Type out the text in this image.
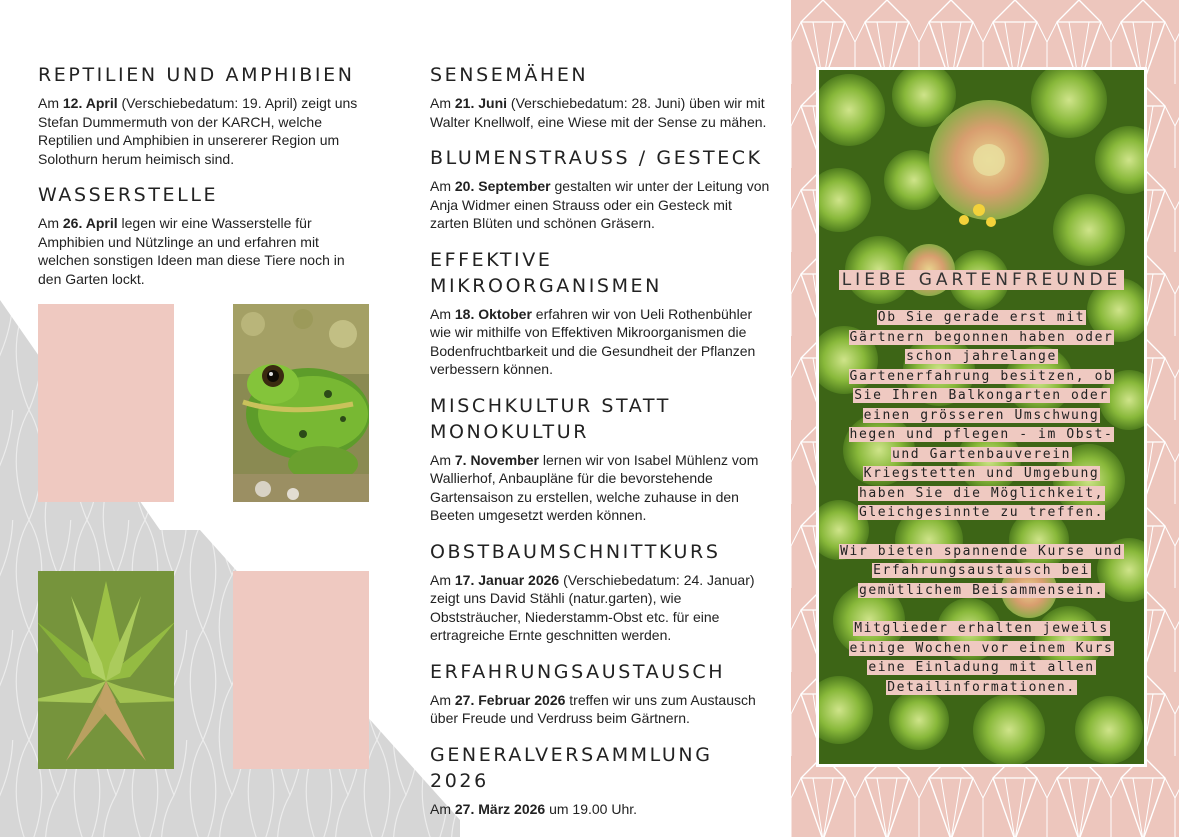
REPTILIEN UND AMPHIBIEN

Am 12. April (Verschiebedatum: 19. April) zeigt uns Stefan Dummermuth von der KARCH, welche Reptilien und Amphibien in unsererer Region um Solothurn herum heimisch sind.

WASSERSTELLE

Am 26. April legen wir eine Wasserstelle für Amphibien und Nützlinge an und erfahren mit welchen sonstigen Ideen man diese Tiere noch in den Garten lockt.

SENSEMÄHEN

Am 21. Juni (Verschiebedatum: 28. Juni) üben wir mit Walter Knellwolf, eine Wiese mit der Sense zu mähen.

BLUMENSTRAUSS / GESTECK

Am 20. September gestalten wir unter der Leitung von Anja Widmer einen Strauss oder ein Gesteck mit zarten Blüten und schönen Gräsern.

EFFEKTIVE MIKROORGANISMEN

Am 18. Oktober erfahren wir von Ueli Rothenbühler wie wir mithilfe von Effektiven Mikroorganismen die Bodenfruchtbarkeit und die Gesundheit der Pflanzen verbessern können.

MISCHKULTUR STATT MONOKULTUR

Am 7. November lernen wir von Isabel Mühlenz vom Wallierhof, Anbaupläne für die bevorstehende Gartensaison zu erstellen, welche zuhause in den Beeten umgesetzt werden können.

OBSTBAUMSCHNITTKURS

Am 17. Januar 2026 (Verschiebedatum: 24. Januar) zeigt uns David Stähli (natur.garten), wie Obststräucher, Niederstamm-Obst etc. für eine ertragreiche Ernte geschnitten werden.

ERFAHRUNGSAUSTAUSCH

Am 27. Februar 2026 treffen wir uns zum Austausch über Freude und Verdruss beim Gärtnern.

GENERALVERSAMMLUNG 2026

Am 27. März 2026 um 19.00 Uhr.

LIEBE GARTENFREUNDE

Ob Sie gerade erst mit Gärtnern begonnen haben oder schon jahrelange Gartenerfahrung besitzen, ob Sie Ihren Balkongarten oder einen grösseren Umschwung hegen und pflegen - im Obst- und Gartenbauverein Kriegstetten und Umgebung haben Sie die Möglichkeit, Gleichgesinnte zu treffen.

Wir bieten spannende Kurse und Erfahrungsaustausch bei gemütlichem Beisammensein.

Mitglieder erhalten jeweils einige Wochen vor einem Kurs eine Einladung mit allen Detailinformationen.
